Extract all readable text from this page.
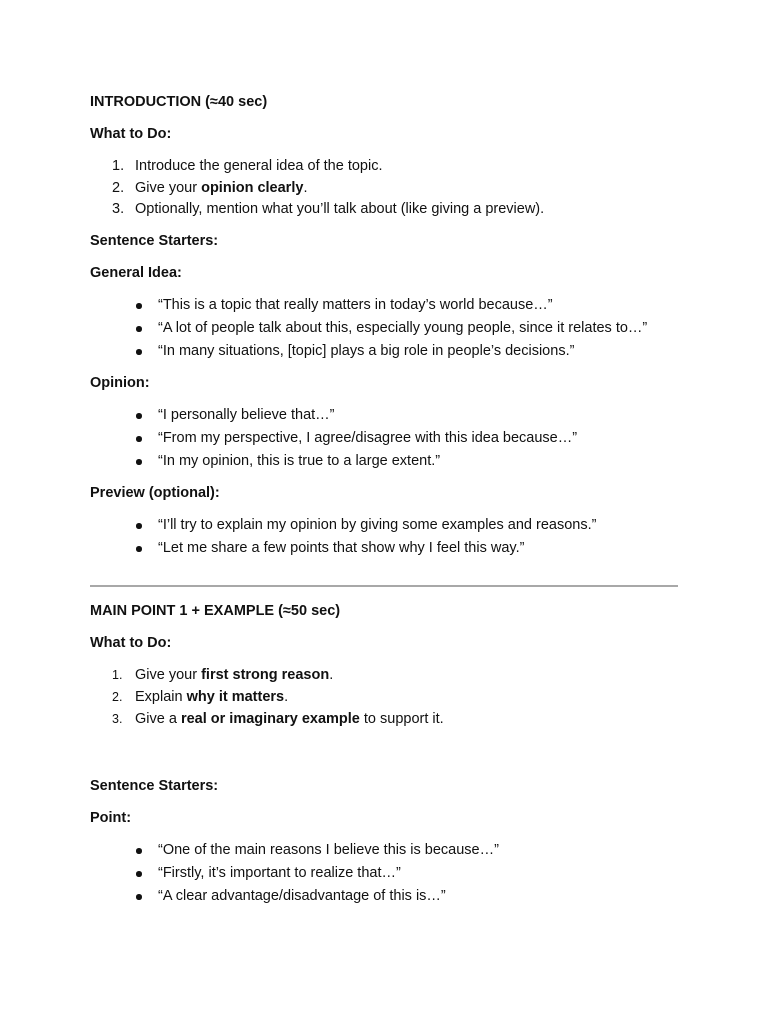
INTRODUCTION (≈40 sec)
What to Do:
1. Introduce the general idea of the topic.
2. Give your opinion clearly.
3. Optionally, mention what you’ll talk about (like giving a preview).
Sentence Starters:
General Idea:
“This is a topic that really matters in today’s world because…”
“A lot of people talk about this, especially young people, since it relates to…”
“In many situations, [topic] plays a big role in people’s decisions.”
Opinion:
“I personally believe that…”
“From my perspective, I agree/disagree with this idea because…”
“In my opinion, this is true to a large extent.”
Preview (optional):
“I’ll try to explain my opinion by giving some examples and reasons.”
“Let me share a few points that show why I feel this way.”
MAIN POINT 1 + EXAMPLE (≈50 sec)
What to Do:
1. Give your first strong reason.
2. Explain why it matters.
3. Give a real or imaginary example to support it.
Sentence Starters:
Point:
“One of the main reasons I believe this is because…”
“Firstly, it’s important to realize that…”
“A clear advantage/disadvantage of this is…”
